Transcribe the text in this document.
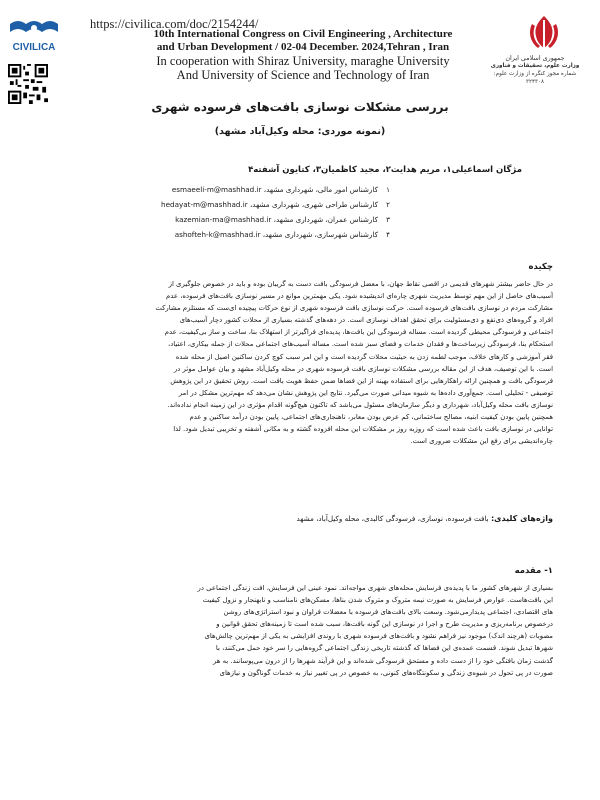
https://civilica.com/doc/2154244/
CIVILICA
10th International Congress on Civil Engineering , Architecture
and Urban Development / 02-04 December. 2024,Tehran , Iran
In cooperation with Shiraz University, maraghe University
And University of Science and Technology of Iran
جمهوری اسلامی ایران
وزارت علوم، تحقیقات و فناوری
شماره مجوز کنگره از وزارت علوم: ۳۲۴۳۰۸
بررسی مشکلات نوسازی بافت‌های فرسوده شهری
(نمونه موردی: محله وکیل‌آباد مشهد)
مژگان اسماعیلی۱، مریم هدایت۲، مجید کاظمیان۳، کتایون آشفته۴
۱کارشناس امور مالی، شهرداری مشهد، esmaeeli-m@mashhad.ir
۲کارشناس طراحی شهری، شهرداری مشهد، hedayat-m@mashhad.ir
۳کارشناس عمران، شهرداری مشهد، kazemian-ma@mashhad.ir
۴کارشناس شهرسازی، شهرداری مشهد، ashofteh-k@mashhad.ir
چکیده
در حال حاضر بیشتر شهرهای قدیمی در اقصی نقاط جهان، با معضل فرسودگی بافت دست به گریبان بوده و باید در خصوص جلوگیری از
آسیب‌های حاصل از این مهم توسط مدیریت شهری چاره‌ای اندیشیده شود. یکی مهمترین موانع در مسیر نوسازی بافت‌های فرسوده، عدم
مشارکت مردم در نوسازی بافت‌های فرسوده است. حرکت نوسازی بافت فرسوده شهری از نوع حرکات پیچیده ای‌ست که مستلزم مشارکت
افراد و گروه‌های ذی‌نفع و ذی‌مسئولیت برای تحقق اهداف نوسازی است. در دهه‌های گذشته بسیاری از محلات کشور دچار آسیب‌های
اجتماعی و فرسودگی محیطی گردیده است. مساله فرسودگی این بافت‌ها، پدیده‌ای فراگیرتر از استهلاک بنا، ساخت و ساز بی‌کیفیت، عدم
استحکام بنا، فرسودگی زیرساخت‌ها و فقدان خدمات و فضای سبز شده است. مساله آسیب‌های اجتماعی محلات از جمله بیکاری، اعتیاد،
فقر آموزشی و کارهای خلاف، موجب لطمه زدن به حیثیت محلات گردیده است و این امر سبب کوچ کردن ساکنین اصیل از محله شده
است. با این توصیف، هدف از این مقاله بررسی مشکلات نوسازی بافت فرسوده شهری در محله وکیل‌آباد مشهد و بیان عوامل موثر در
فرسودگی بافت و همچنین ارائه راهکارهایی برای استفاده بهینه از این فضاها ضمن حفظ هویت بافت است. روش تحقیق در این پژوهش
توصیفی - تحلیلی است. جمع‌آوری داده‌ها به شیوه میدانی صورت می‌گیرد. نتایج این پژوهش نشان می‌دهد که مهم‌ترین مشکل در امر
نوسازی بافت محله وکیل‌آباد، شهرداری و دیگر سازمان‌های مسئول می‌باشد که تاکنون هیچ‌گونه اقدام مؤثری در این زمینه انجام نداده‌اند.
همچنین پایین بودن کیفیت ابنیه، مصالح ساختمانی، کم عرض بودن معابر، ناهنجاری‌های اجتماعی، پایین بودن درآمد ساکنین و عدم
توانایی در نوسازی بافت باعث شده است که روزبه روز بر مشکلات این محله افزوده گشته و به مکانی آشفته و تخریبی تبدیل شود. لذا
چاره‌اندیشی برای رفع این مشکلات ضروری است.
واژه‌های کلیدی: بافت فرسوده، نوسازی، فرسودگی کالبدی، محله وکیل‌آباد، مشهد
۱- مقدمه
بسیاری از شهرهای کشور ما با پدیده‌ی فرسایش محله‌های شهری مواجه‌اند. نمود عینی این فرسایش، افت زندگی اجتماعی در
این بافت‌هاست. عوارض فرسایش به صورت نیمه متروک و متروک شدن بناها، مسکن‌های نامناسب و نابهنجار و نزول کیفیت
های اقتصادی، اجتماعی پدیدارمی‌شود. وسعت بالای بافت‌های فرسوده با معضلات فراوان و نبود استراتژی‌های روشن
درخصوص برنامه‌ریزی و مدیریت طرح و اجرا در نوسازی این گونه بافت‌ها، سبب شده است تا زمینه‌های تحقق قوانین و
مصوبات (هرچند اندک) موجود نیز فراهم نشود و بافت‌های فرسوده شهری با روندی افزایشی به یکی از مهم‌ترین چالش‌های
شهرها تبدیل شوند. قسمت عمده‌ی این فضاها که گذشته تاریخی زندگی اجتماعی گروه‌هایی را سر خود حمل می‌کنند، با
گذشت زمان بافتگی خود را از دست داده و مستحق فرسودگی شده‌اند و این فرآیند شهرها را از درون می‌پوسانند. به هر
صورت در پی تحول در شیوه‌ی زندگی و سکونتگاه‌های کنونی، به خصوص در پی تغییر نیاز به خدمات گوناگون و نیازهای
